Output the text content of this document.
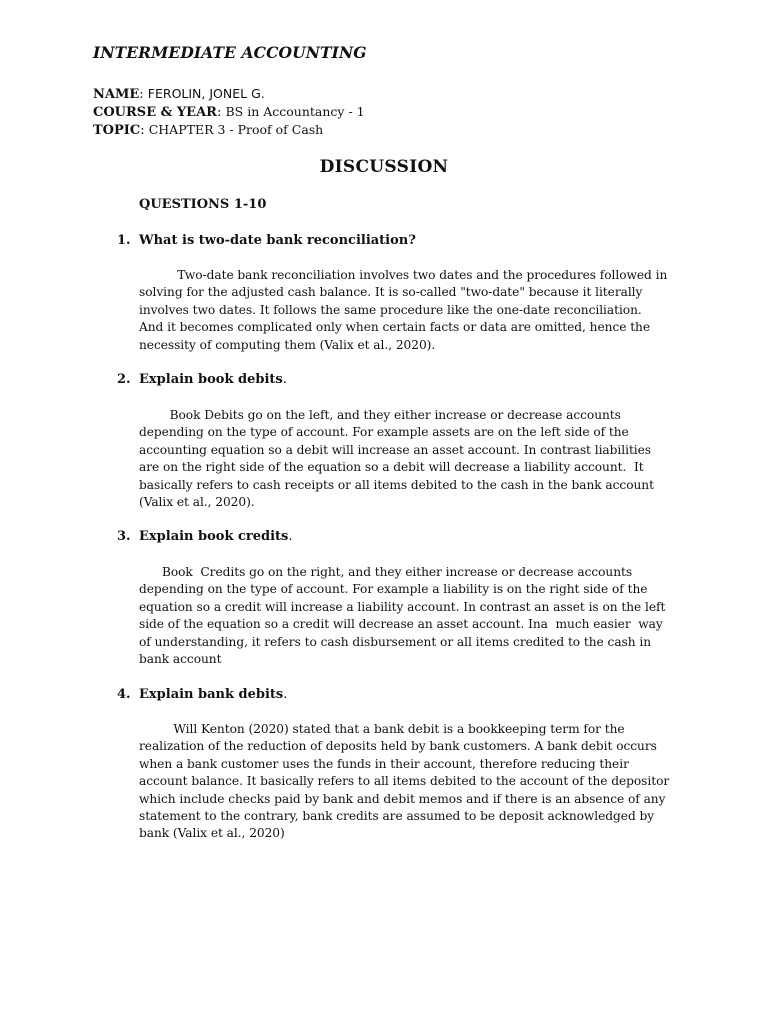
INTERMEDIATE ACCOUNTING
NAME: FEROLIN, JONEL G.
COURSE & YEAR: BS in Accountancy - 1
TOPIC: CHAPTER 3 - Proof of Cash
DISCUSSION
QUESTIONS 1-10
1. What is two-date bank reconciliation?
Two-date bank reconciliation involves two dates and the procedures followed in
solving for the adjusted cash balance. It is so-called "two-date" because it literally
involves two dates. It follows the same procedure like the one-date reconciliation.
And it becomes complicated only when certain facts or data are omitted, hence the
necessity of computing them (Valix et al., 2020).
2. Explain book debits.
Book Debits go on the left, and they either increase or decrease accounts
depending on the type of account. For example assets are on the left side of the
accounting equation so a debit will increase an asset account. In contrast liabilities
are on the right side of the equation so a debit will decrease a liability account.  It
basically refers to cash receipts or all items debited to the cash in the bank account
(Valix et al., 2020).
3. Explain book credits.
Book  Credits go on the right, and they either increase or decrease accounts
depending on the type of account. For example a liability is on the right side of the
equation so a credit will increase a liability account. In contrast an asset is on the left
side of the equation so a credit will decrease an asset account. Ina  much easier  way
of understanding, it refers to cash disbursement or all items credited to the cash in
bank account
4. Explain bank debits.
Will Kenton (2020) stated that a bank debit is a bookkeeping term for the
realization of the reduction of deposits held by bank customers. A bank debit occurs
when a bank customer uses the funds in their account, therefore reducing their
account balance. It basically refers to all items debited to the account of the depositor
which include checks paid by bank and debit memos and if there is an absence of any
statement to the contrary, bank credits are assumed to be deposit acknowledged by
bank (Valix et al., 2020)
